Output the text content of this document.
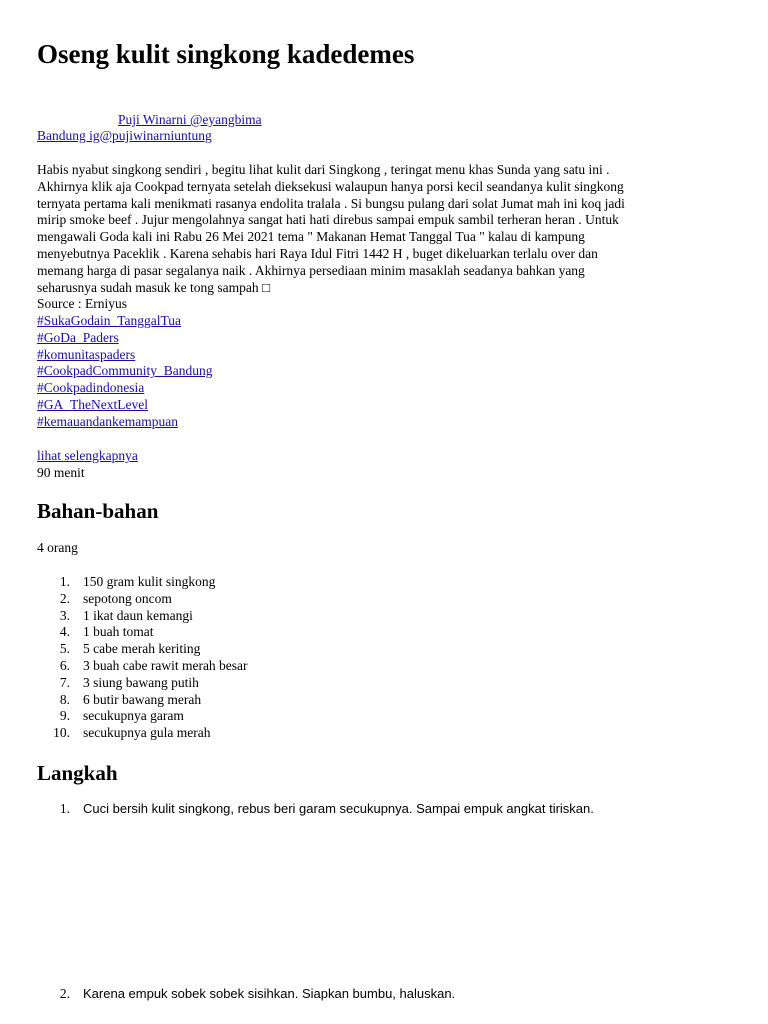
Oseng kulit singkong kadedemes
Puji Winarni @eyangbima
Bandung ig@pujiwinarniuntung

Habis nyabut singkong sendiri , begitu lihat kulit dari Singkong , teringat menu khas Sunda yang satu ini .

Akhirnya klik aja Cookpad ternyata setelah dieksekusi walaupun hanya porsi kecil seandanya kulit singkong

ternyata pertama kali menikmati rasanya endolita tralala . Si bungsu pulang dari solat Jumat mah ini koq jadi

mirip smoke beef . Jujur mengolahnya sangat hati hati direbus sampai empuk sambil terheran heran . Untuk

mengawali Goda kali ini Rabu 26 Mei 2021 tema " Makanan Hemat Tanggal Tua " kalau di kampung

menyebutnya Paceklik . Karena sehabis hari Raya Idul Fitri 1442 H , buget dikeluarkan terlalu over dan

memang harga di pasar segalanya naik . Akhirnya persediaan minim masaklah seadanya bahkan yang

seharusnya sudah masuk ke tong sampah □

Source : Erniyus
#SukaGodain_TanggalTua
#GoDa_Paders
#komunitaspaders
#CookpadCommunity_Bandung
#Cookpadindonesia
#GA_TheNextLevel
#kemauandankemampuan
lihat selengkapnya
90 menit
Bahan-bahan
4 orang
1. 150 gram kulit singkong
2. sepotong oncom
3. 1 ikat daun kemangi
4. 1 buah tomat
5. 5 cabe merah keriting
6. 3 buah cabe rawit merah besar
7. 3 siung bawang putih
8. 6 butir bawang merah
9. secukupnya garam
10. secukupnya gula merah
Langkah
1.	Cuci bersih kulit singkong, rebus beri garam secukupnya. Sampai empuk angkat tiriskan.
2.	Karena empuk sobek sobek sisihkan. Siapkan bumbu, haluskan.
